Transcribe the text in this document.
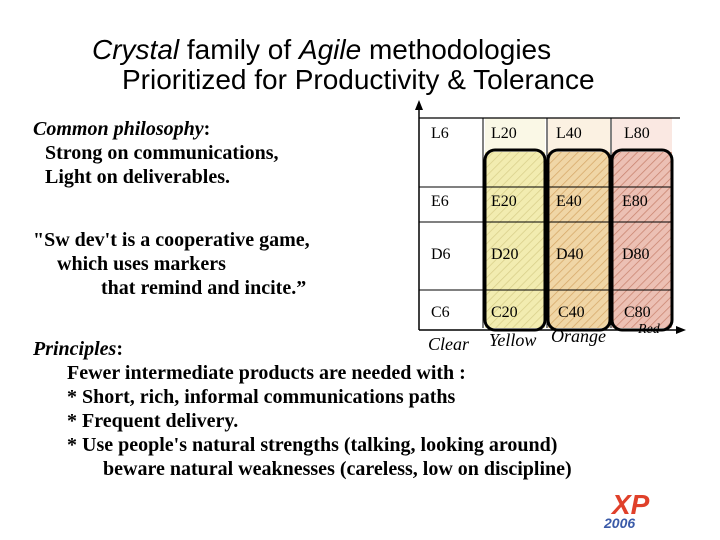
Crystal family of Agile methodologies
Prioritized for Productivity & Tolerance
Common philosophy:
Strong on communications,
Light on deliverables.
"Sw dev't is a cooperative game,
which uses markers
that remind and incite.”
L6	L20 L40	L80
E6	E20 E40	E80
D6	D20 D40 D80
C6	C20	C40 C80
Clear Yellow Orange Red
Principles:
Fewer intermediate products are needed with :
* Short, rich, informal communications paths
* Frequent delivery.
* Use people's natural strengths (talking, looking around)
beware natural weaknesses (careless, low on discipline)
XP
2006
